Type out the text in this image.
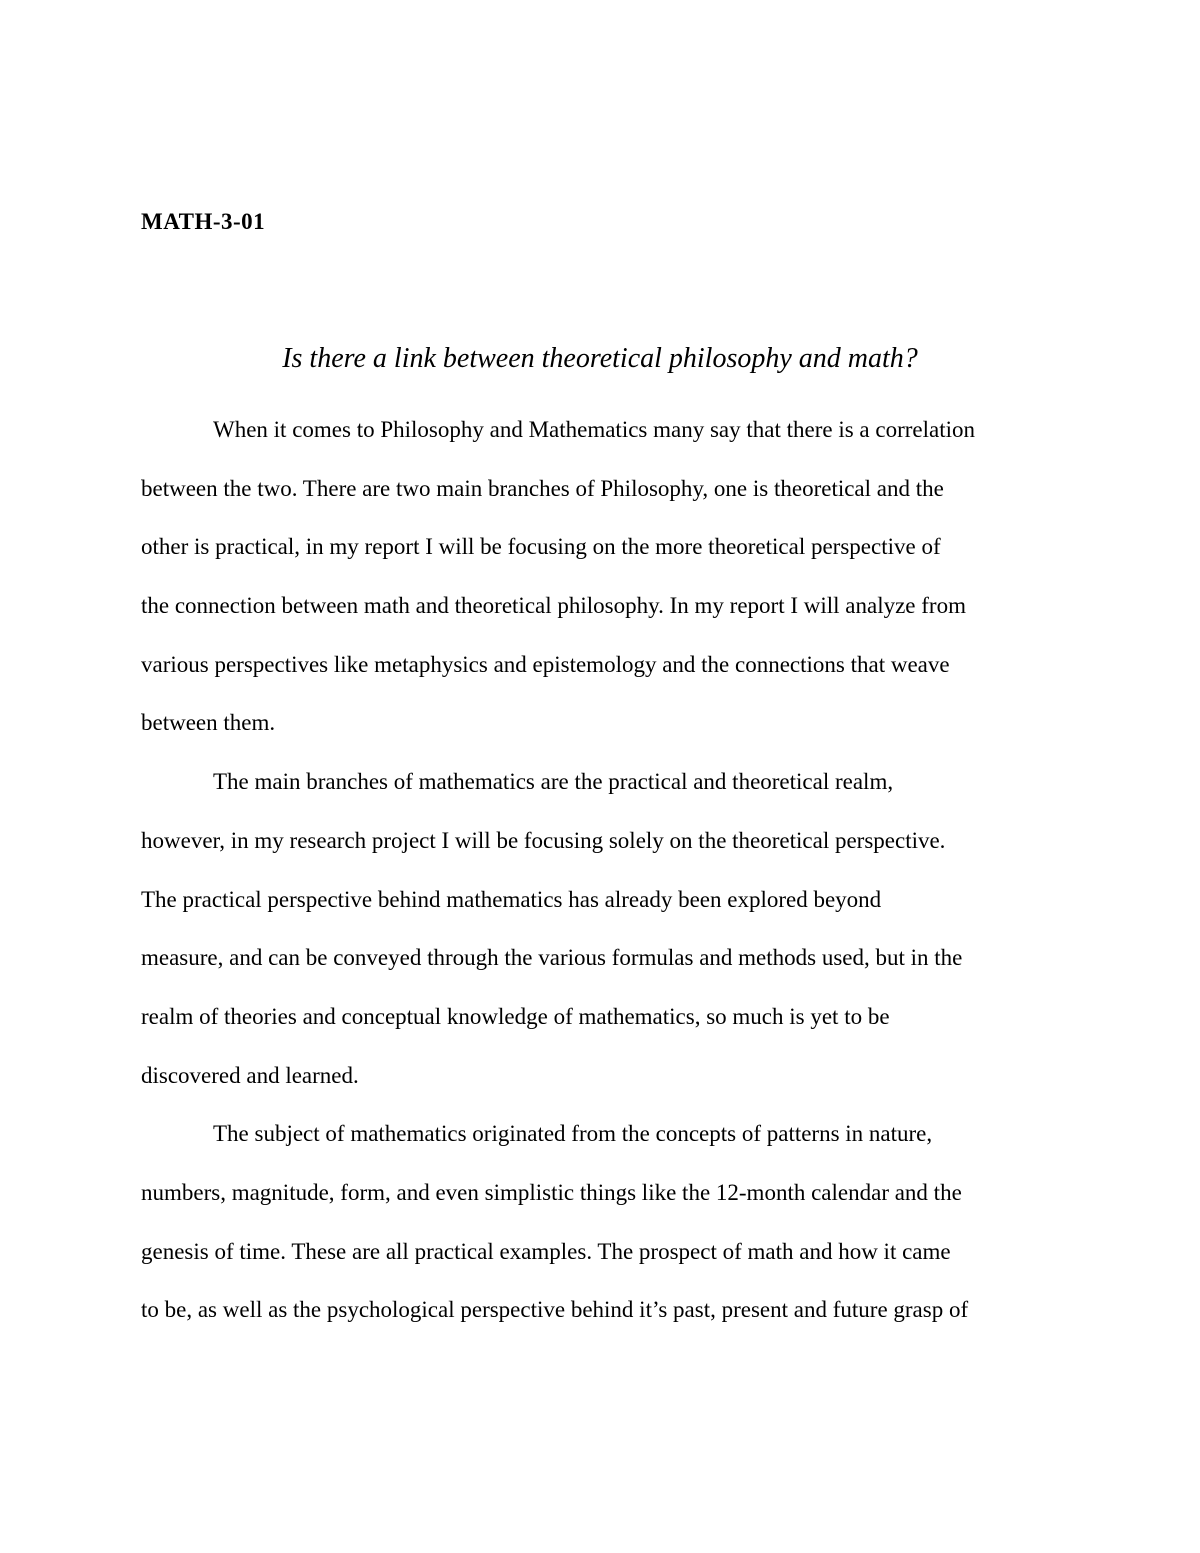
MATH-3-01

Is there a link between theoretical philosophy and math?
When it comes to Philosophy and Mathematics many say that there is a correlation
between the two. There are two main branches of Philosophy, one is theoretical and the
other is practical, in my report I will be focusing on the more theoretical perspective of
the connection between math and theoretical philosophy. In my report I will analyze from
various perspectives like metaphysics and epistemology and the connections that weave
between them.
The main branches of mathematics are the practical and theoretical realm,
however, in my research project I will be focusing solely on the theoretical perspective.
The practical perspective behind mathematics has already been explored beyond
measure, and can be conveyed through the various formulas and methods used, but in the
realm of theories and conceptual knowledge of mathematics, so much is yet to be
discovered and learned.
The subject of mathematics originated from the concepts of patterns in nature,
numbers, magnitude, form, and even simplistic things like the 12-month calendar and the
genesis of time. These are all practical examples. The prospect of math and how it came
to be, as well as the psychological perspective behind it’s past, present and future grasp of
